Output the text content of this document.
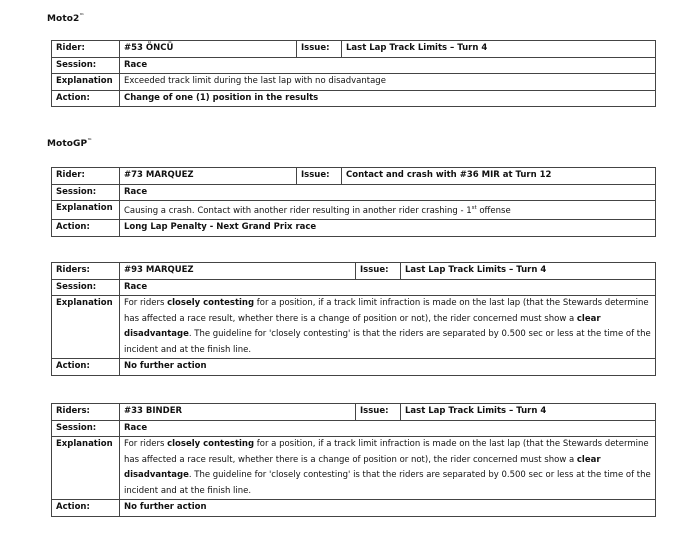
Moto2™
Rider:	#53 ÖNCÜ	Issue:	Last Lap Track Limits – Turn 4
Session:	Race		
Explanation	Exceeded track limit during the last lap with no disadvantage		
Action:	Change of one (1) position in the results		
MotoGP™
Rider:	#73 MARQUEZ	Issue:	Contact and crash with #36 MIR at Turn 12
Session:	Race		
Explanation	Causing a crash. Contact with another rider resulting in another rider crashing - 1st offense		
Action:	Long Lap Penalty - Next Grand Prix race		
Riders:	#93 MARQUEZ	Issue:	Last Lap Track Limits – Turn 4
Session:	Race		
Explanation	For riders closely contesting for a position, if a track limit infraction is made on the last lap (that the Stewards determine has affected a race result, whether there is a change of position or not), the rider concerned must show a clear disadvantage. The guideline for 'closely contesting' is that the riders are separated by 0.500 sec or less at the time of the incident and at the finish line.		
Action:	No further action		
Riders:	#33 BINDER	Issue:	Last Lap Track Limits – Turn 4
Session:	Race		
Explanation	For riders closely contesting for a position, if a track limit infraction is made on the last lap (that the Stewards determine has affected a race result, whether there is a change of position or not), the rider concerned must show a clear disadvantage. The guideline for 'closely contesting' is that the riders are separated by 0.500 sec or less at the time of the incident and at the finish line.		
Action:	No further action		
